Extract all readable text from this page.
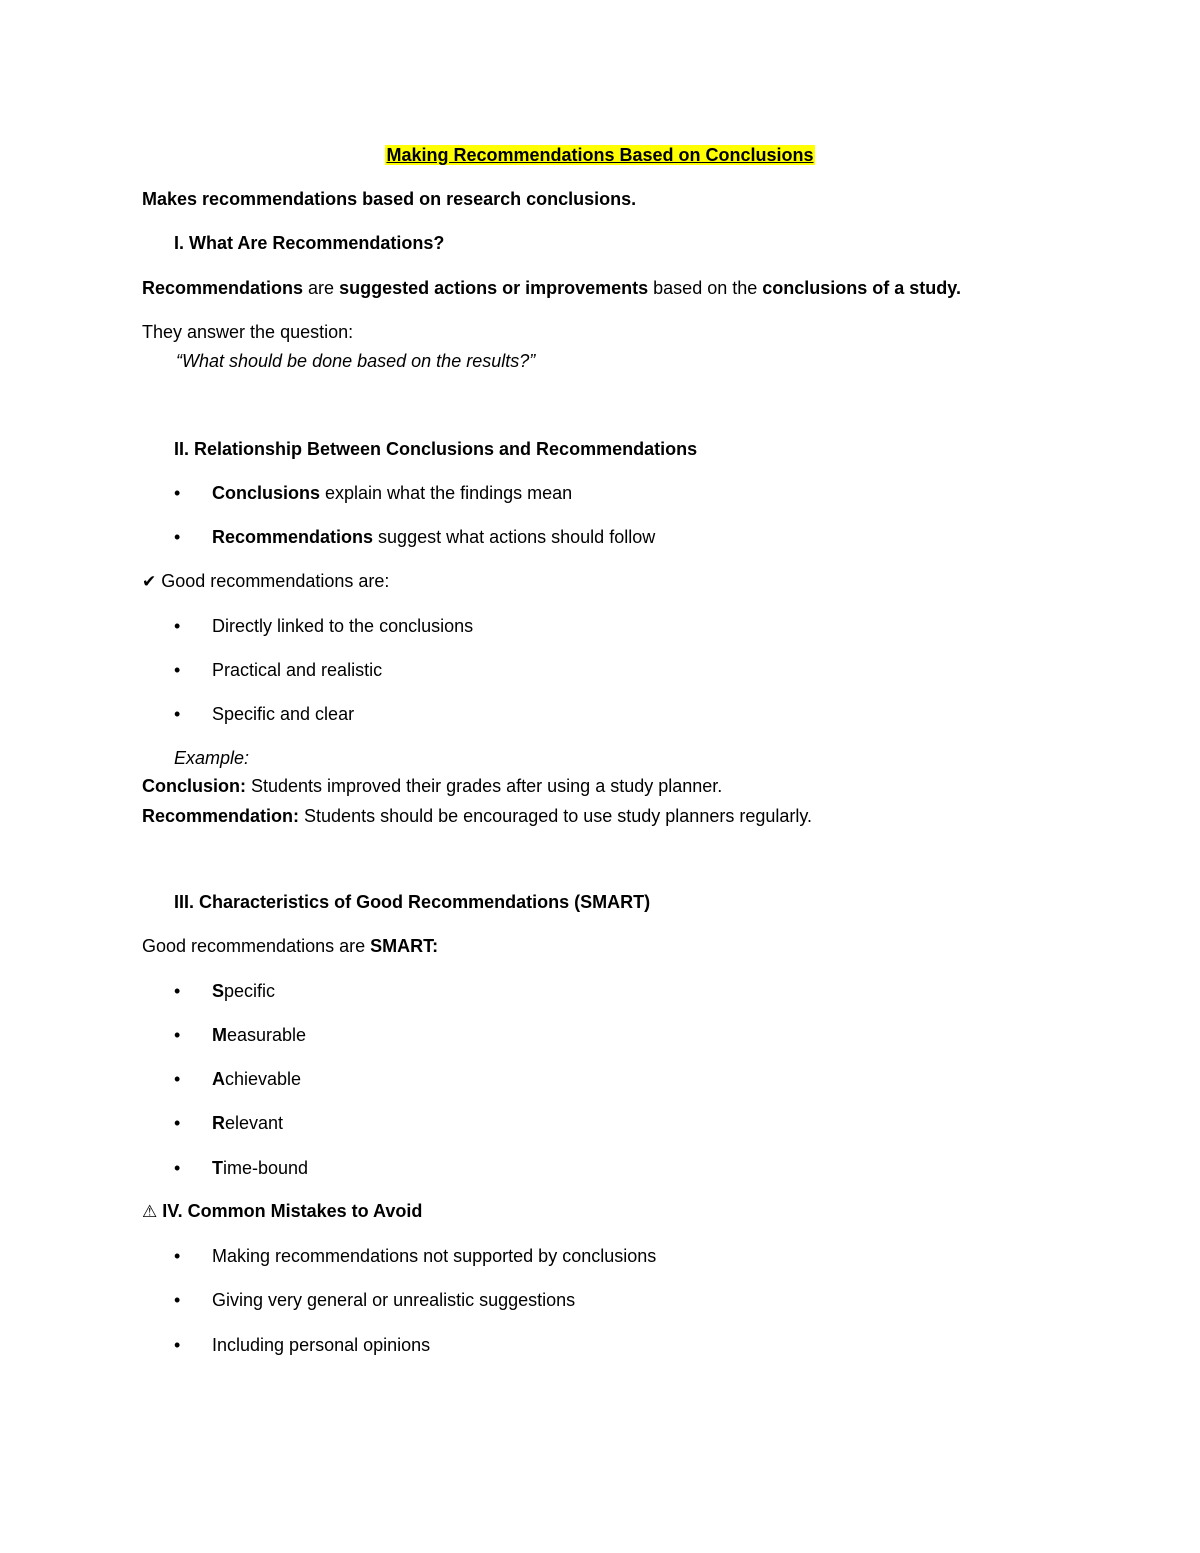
Making Recommendations Based on Conclusions
Makes recommendations based on research conclusions.
I. What Are Recommendations?
Recommendations are suggested actions or improvements based on the conclusions of a study.
They answer the question:
“What should be done based on the results?”
II. Relationship Between Conclusions and Recommendations
• Conclusions explain what the findings mean
• Recommendations suggest what actions should follow
✔ Good recommendations are:
• Directly linked to the conclusions
• Practical and realistic
• Specific and clear
Example:
Conclusion: Students improved their grades after using a study planner.
Recommendation: Students should be encouraged to use study planners regularly.
III. Characteristics of Good Recommendations (SMART)
Good recommendations are SMART:
• Specific
• Measurable
• Achievable
• Relevant
• Time-bound
⚠ IV. Common Mistakes to Avoid
• Making recommendations not supported by conclusions
• Giving very general or unrealistic suggestions
• Including personal opinions
